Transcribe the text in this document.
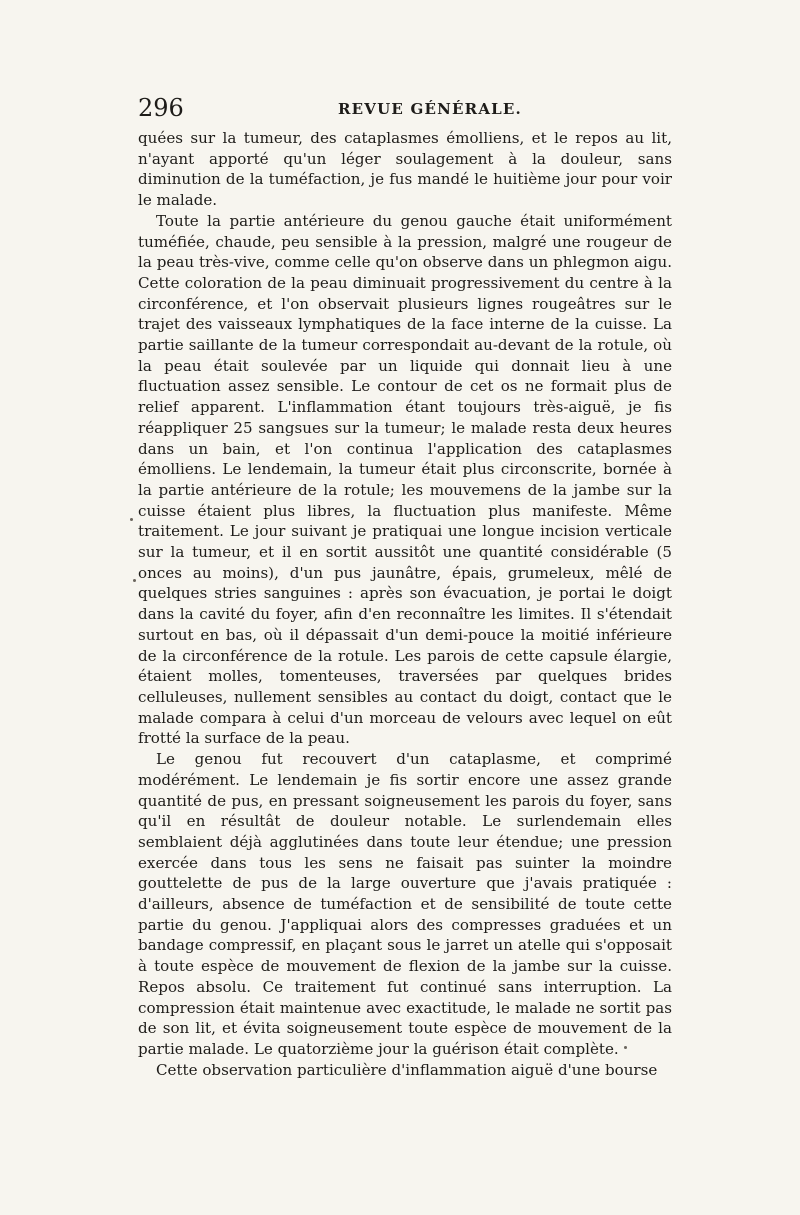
296	REVUE GÉNÉRALE.

quées sur la tumeur, des cataplasmes émolliens, et le repos au lit, n'ayant apporté qu'un léger soulagement à la douleur, sans diminution de la tuméfaction, je fus mandé le huitième jour pour voir le malade.

Toute la partie antérieure du genou gauche était uniformément tuméfiée, chaude, peu sensible à la pression, malgré une rougeur de la peau très-vive, comme celle qu'on observe dans un phlegmon aigu. Cette coloration de la peau diminuait progressivement du centre à la circonférence, et l'on observait plusieurs lignes rougeâtres sur le trajet des vaisseaux lymphatiques de la face interne de la cuisse. La partie saillante de la tumeur correspondait au-devant de la rotule, où la peau était soulevée par un liquide qui donnait lieu à une fluctuation assez sensible. Le contour de cet os ne formait plus de relief apparent. L'inflammation étant toujours très-aiguë, je fis réappliquer 25 sangsues sur la tumeur; le malade resta deux heures dans un bain, et l'on continua l'application des cataplasmes émolliens. Le lendemain, la tumeur était plus circonscrite, bornée à la partie antérieure de la rotule; les mouvemens de la jambe sur la cuisse étaient plus libres, la fluctuation plus manifeste. Même traitement. Le jour suivant je pratiquai une longue incision verticale sur la tumeur, et il en sortit aussitôt une quantité considérable (5 onces au moins), d'un pus jaunâtre, épais, grumeleux, mêlé de quelques stries sanguines : après son évacuation, je portai le doigt dans la cavité du foyer, afin d'en reconnaître les limites. Il s'étendait surtout en bas, où il dépassait d'un demi-pouce la moitié inférieure de la circonférence de la rotule. Les parois de cette capsule élargie, étaient molles, tomenteuses, traversées par quelques brides celluleuses, nullement sensibles au contact du doigt, contact que le malade compara à celui d'un morceau de velours avec lequel on eût frotté la surface de la peau.

Le genou fut recouvert d'un cataplasme, et comprimé modérément. Le lendemain je fis sortir encore une assez grande quantité de pus, en pressant soigneusement les parois du foyer, sans qu'il en résultât de douleur notable. Le surlendemain elles semblaient déjà agglutinées dans toute leur étendue; une pression exercée dans tous les sens ne faisait pas suinter la moindre gouttelette de pus de la large ouverture que j'avais pratiquée : d'ailleurs, absence de tuméfaction et de sensibilité de toute cette partie du genou. J'appliquai alors des compresses graduées et un bandage compressif, en plaçant sous le jarret un atelle qui s'opposait à toute espèce de mouvement de flexion de la jambe sur la cuisse. Repos absolu. Ce traitement fut continué sans interruption. La compression était maintenue avec exactitude, le malade ne sortit pas de son lit, et évita soigneusement toute espèce de mouvement de la partie malade. Le quatorzième jour la guérison était complète.

Cette observation particulière d'inflammation aiguë d'une bourse
